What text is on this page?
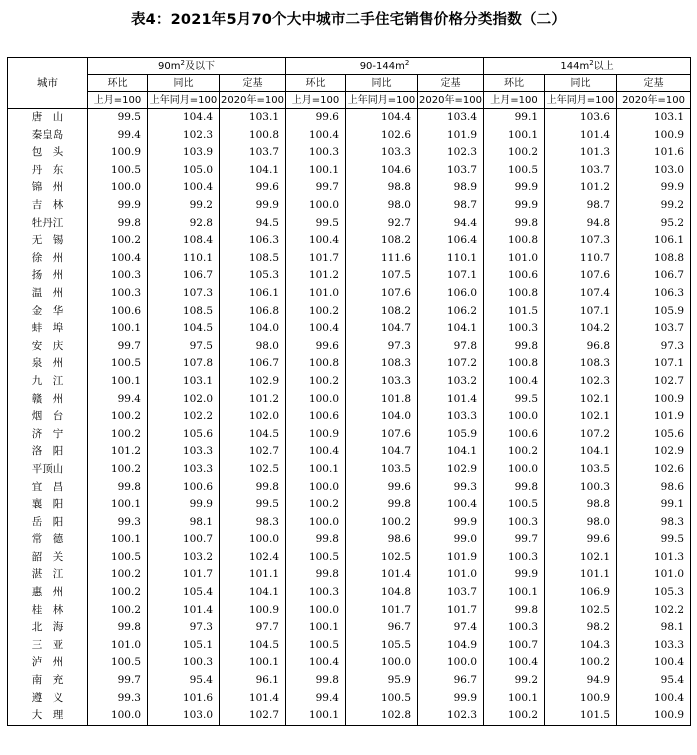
表4：2021年5月70个大中城市二手住宅销售价格分类指数（二）
城市	$90m^2$及以下			$90-144m^2$			$144m^2$以上		
	环比	同比	定基	环比	同比	定基	环比	同比	定基
	上月=100	上年同月=100	2020年=100	上月=100	上年同月=100	2020年=100	上月=100	上年同月=100	2020年=100
唐　山	99.5	104.4	103.1	99.6	104.4	103.4	99.1	103.6	103.1
秦皇岛	99.4	102.3	100.8	100.4	102.6	101.9	100.1	101.4	100.9
包　头	100.9	103.9	103.7	100.3	103.3	102.3	100.2	101.3	101.6
丹　东	100.5	105.0	104.1	100.1	104.6	103.7	100.5	103.7	103.0
锦　州	100.0	100.4	99.6	99.7	98.8	98.9	99.9	101.2	99.9
吉　林	99.9	99.2	99.9	100.0	98.0	98.7	99.9	98.7	99.2
牡丹江	99.8	92.8	94.5	99.5	92.7	94.4	99.8	94.8	95.2
无　锡	100.2	108.4	106.3	100.4	108.2	106.4	100.8	107.3	106.1
徐　州	100.4	110.1	108.5	101.7	111.6	110.1	101.0	110.7	108.8
扬　州	100.3	106.7	105.3	101.2	107.5	107.1	100.6	107.6	106.7
温　州	100.3	107.3	106.1	101.0	107.6	106.0	100.8	107.4	106.3
金　华	100.6	108.5	106.8	100.2	108.2	106.2	101.5	107.1	105.9
蚌　埠	100.1	104.5	104.0	100.4	104.7	104.1	100.3	104.2	103.7
安　庆	99.7	97.5	98.0	99.6	97.3	97.8	99.8	96.8	97.3
泉　州	100.5	107.8	106.7	100.8	108.3	107.2	100.8	108.3	107.1
九　江	100.1	103.1	102.9	100.2	103.3	103.2	100.4	102.3	102.7
赣　州	99.4	102.0	101.2	100.0	101.8	101.4	99.5	102.1	100.9
烟　台	100.2	102.2	102.0	100.6	104.0	103.3	100.0	102.1	101.9
济　宁	100.2	105.6	104.5	100.9	107.6	105.9	100.6	107.2	105.6
洛　阳	101.2	103.3	102.7	100.4	104.7	104.1	100.2	104.1	102.9
平顶山	100.2	103.3	102.5	100.1	103.5	102.9	100.0	103.5	102.6
宜　昌	99.8	100.6	99.8	100.0	99.6	99.3	99.8	100.3	98.6
襄　阳	100.1	99.9	99.5	100.2	99.8	100.4	100.5	98.8	99.1
岳　阳	99.3	98.1	98.3	100.0	100.2	99.9	100.3	98.0	98.3
常　德	100.1	100.7	100.0	99.8	98.6	99.0	99.7	99.6	99.5
韶　关	100.5	103.2	102.4	100.5	102.5	101.9	100.3	102.1	101.3
湛　江	100.2	101.7	101.1	99.8	101.4	101.0	99.9	101.1	101.0
惠　州	100.2	105.4	104.1	100.3	104.8	103.7	100.1	106.9	105.3
桂　林	100.2	101.4	100.9	100.0	101.7	101.7	99.8	102.5	102.2
北　海	99.8	97.3	97.7	100.1	96.7	97.4	100.3	98.2	98.1
三　亚	101.0	105.1	104.5	100.5	105.5	104.9	100.7	104.3	103.3
泸　州	100.5	100.3	100.1	100.4	100.0	100.0	100.4	100.2	100.4
南　充	99.7	95.4	96.1	99.8	95.9	96.7	99.2	94.9	95.4
遵　义	99.3	101.6	101.4	99.4	100.5	99.9	100.1	100.9	100.4
大　理	100.0	103.0	102.7	100.1	102.8	102.3	100.2	101.5	100.9
